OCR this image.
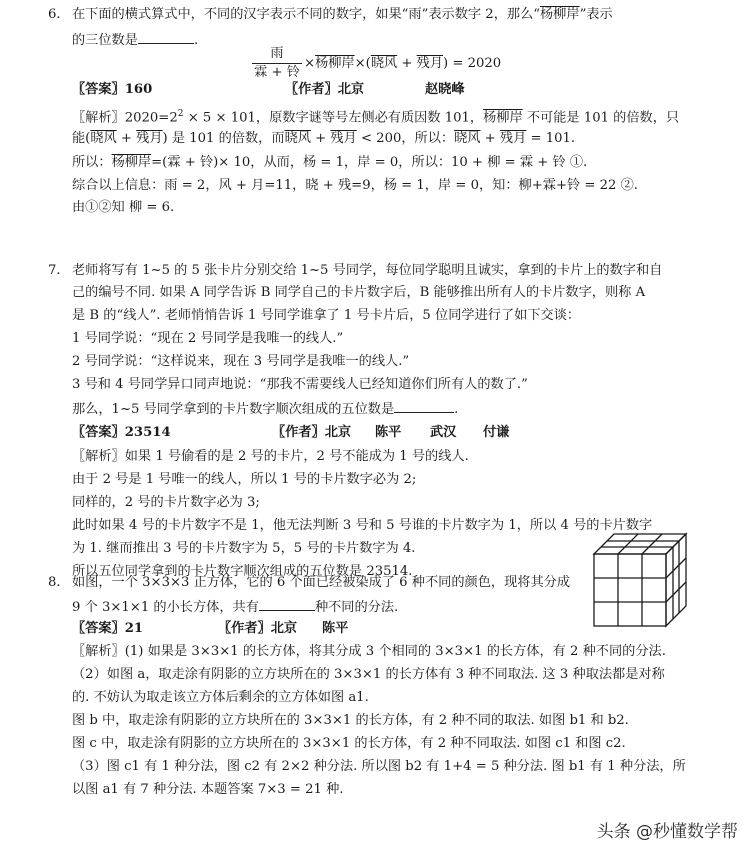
6. 在下面的横式算式中，不同的汉字表示不同的数字，如果“雨”表示数字 2，那么“杨柳岸”表示
的三位数是	.
雨
霖 + 铃
×杨柳岸×(晓风 + 残月) = 2020
〖答案〗160	〖作者〗北京	赵晓峰
〖解析〗$2020=2^2 \times 5 \times 101$，原数字谜等号左侧必有质因数 101，杨柳岸 不可能是 101 的倍数，只
能(晓风 + 残月) 是 101 的倍数，而晓风 + 残月 < 200，所以：晓风 + 残月 = 101.
所以：杨柳岸=(霖 + 铃)× 10，从而，杨 = 1，岸 = 0，所以：10 + 柳 = 霖 + 铃 ①.
综合以上信息：雨 = 2，风 + 月=11，晓 + 残=9，杨 = 1，岸 = 0，知：柳+霖+铃 = 22 ②.
由①②知 柳 = 6.
7. 老师将写有 1~5 的 5 张卡片分别交给 1~5 号同学，每位同学聪明且诚实，拿到的卡片上的数字和自
己的编号不同. 如果 A 同学告诉 B 同学自己的卡片数字后，B 能够推出所有人的卡片数字，则称 A
是 B 的“线人”. 老师悄悄告诉 1 号同学谁拿了 1 号卡片后，5 位同学进行了如下交谈：
1 号同学说：“现在 2 号同学是我唯一的线人.”
2 号同学说：“这样说来，现在 3 号同学是我唯一的线人.”
3 号和 4 号同学异口同声地说：“那我不需要线人已经知道你们所有人的数了.”
那么，1~5 号同学拿到的卡片数字顺次组成的五位数是	.
〖答案〗23514	〖作者〗北京 陈平 武汉 付谦
〖解析〗如果 1 号偷看的是 2 号的卡片，2 号不能成为 1 号的线人.
由于 2 号是 1 号唯一的线人，所以 1 号的卡片数字必为 2;
同样的，2 号的卡片数字必为 3;
此时如果 4 号的卡片数字不是 1，他无法判断 3 号和 5 号谁的卡片数字为 1，所以 4 号的卡片数字
为 1. 继而推出 3 号的卡片数字为 5，5 号的卡片数字为 4.
所以五位同学拿到的卡片数字顺次组成的五位数是 23514.
8. 如图，一个 3×3×3 正方体，它的 6 个面已经被染成了 6 种不同的颜色，现将其分成
9 个 3×1×1 的小长方体，共有	种不同的分法.
〖答案〗21	〖作者〗北京 陈平
〖解析〗(1) 如果是 3×3×1 的长方体，将其分成 3 个相同的 3×3×1 的长方体，有 2 种不同的分法.
（2）如图 a，取走涂有阴影的立方块所在的 3×3×1 的长方体有 3 种不同取法. 这 3 种取法都是对称
的. 不妨认为取走该立方体后剩余的立方体如图 a1.
图 b 中，取走涂有阴影的立方块所在的 3×3×1 的长方体，有 2 种不同的取法. 如图 b1 和 b2.
图 c 中，取走涂有阴影的立方块所在的 3×3×1 的长方体，有 2 种不同取法. 如图 c1 和图 c2.
（3）图 c1 有 1 种分法，图 c2 有 2×2 种分法. 所以图 b2 有 1+4 = 5 种分法. 图 b1 有 1 种分法，所
以图 a1 有 7 种分法. 本题答案 7×3 = 21 种.
头条 @秒懂数学帮
